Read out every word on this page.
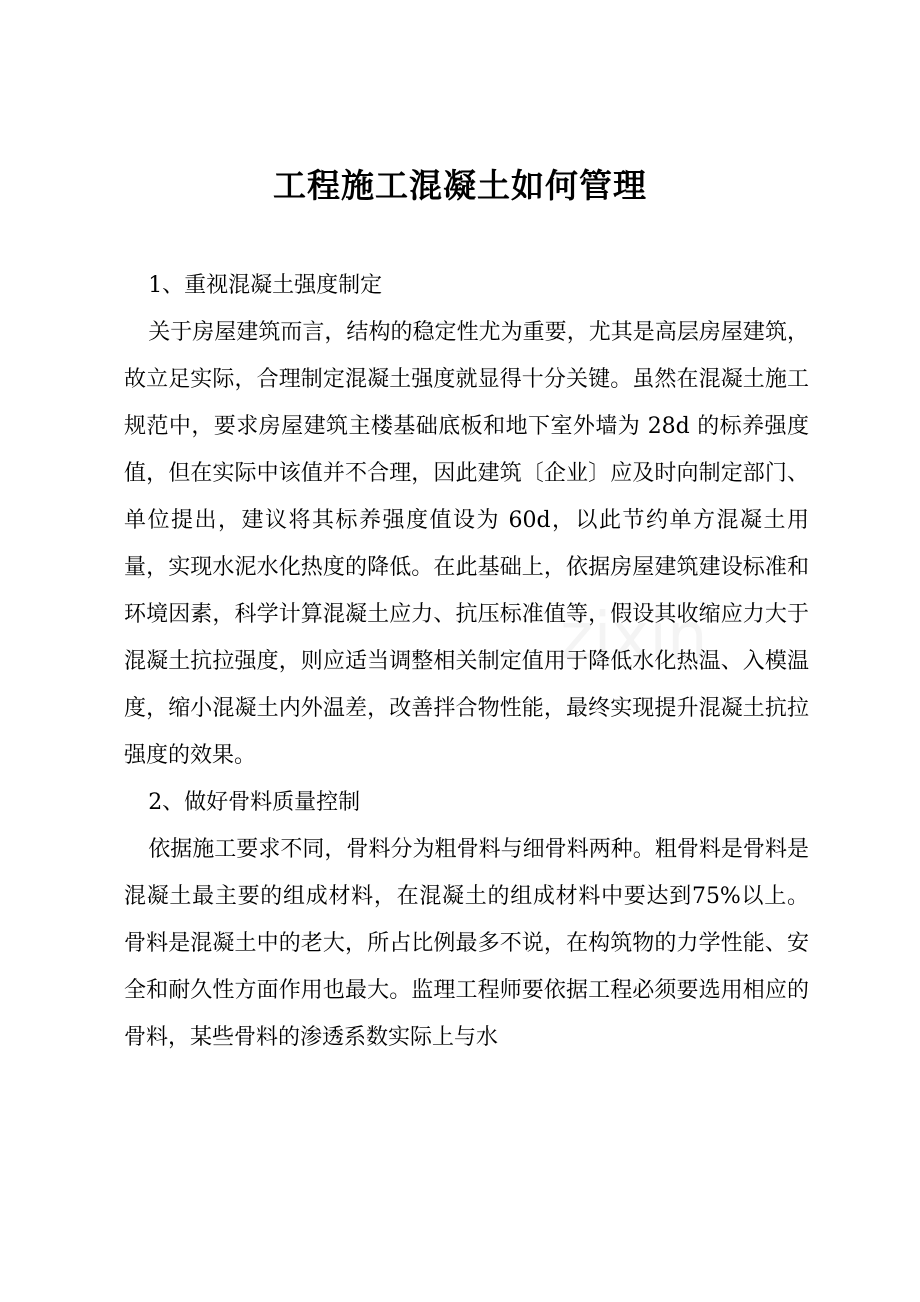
工程施工混凝土如何管理

1、重视混凝土强度制定

关于房屋建筑而言，结构的稳定性尤为重要，尤其是高层房屋建筑，故立足实际，合理制定混凝土强度就显得十分关键。虽然在混凝土施工规范中，要求房屋建筑主楼基础底板和地下室外墙为 28d 的标养强度值，但在实际中该值并不合理，因此建筑〔企业〕应及时向制定部门、单位提出，建议将其标养强度值设为 60d，以此节约单方混凝土用量，实现水泥水化热度的降低。在此基础上，依据房屋建筑建设标准和环境因素，科学计算混凝土应力、抗压标准值等，假设其收缩应力大于混凝土抗拉强度，则应适当调整相关制定值用于降低水化热温、入模温度，缩小混凝土内外温差，改善拌合物性能，最终实现提升混凝土抗拉强度的效果。

2、做好骨料质量控制

依据施工要求不同，骨料分为粗骨料与细骨料两种。粗骨料是骨料是混凝土最主要的组成材料，在混凝土的组成材料中要达到75%以上。骨料是混凝土中的老大，所占比例最多不说，在构筑物的力学性能、安全和耐久性方面作用也最大。监理工程师要依据工程必须要选用相应的骨料，某些骨料的渗透系数实际上与水
